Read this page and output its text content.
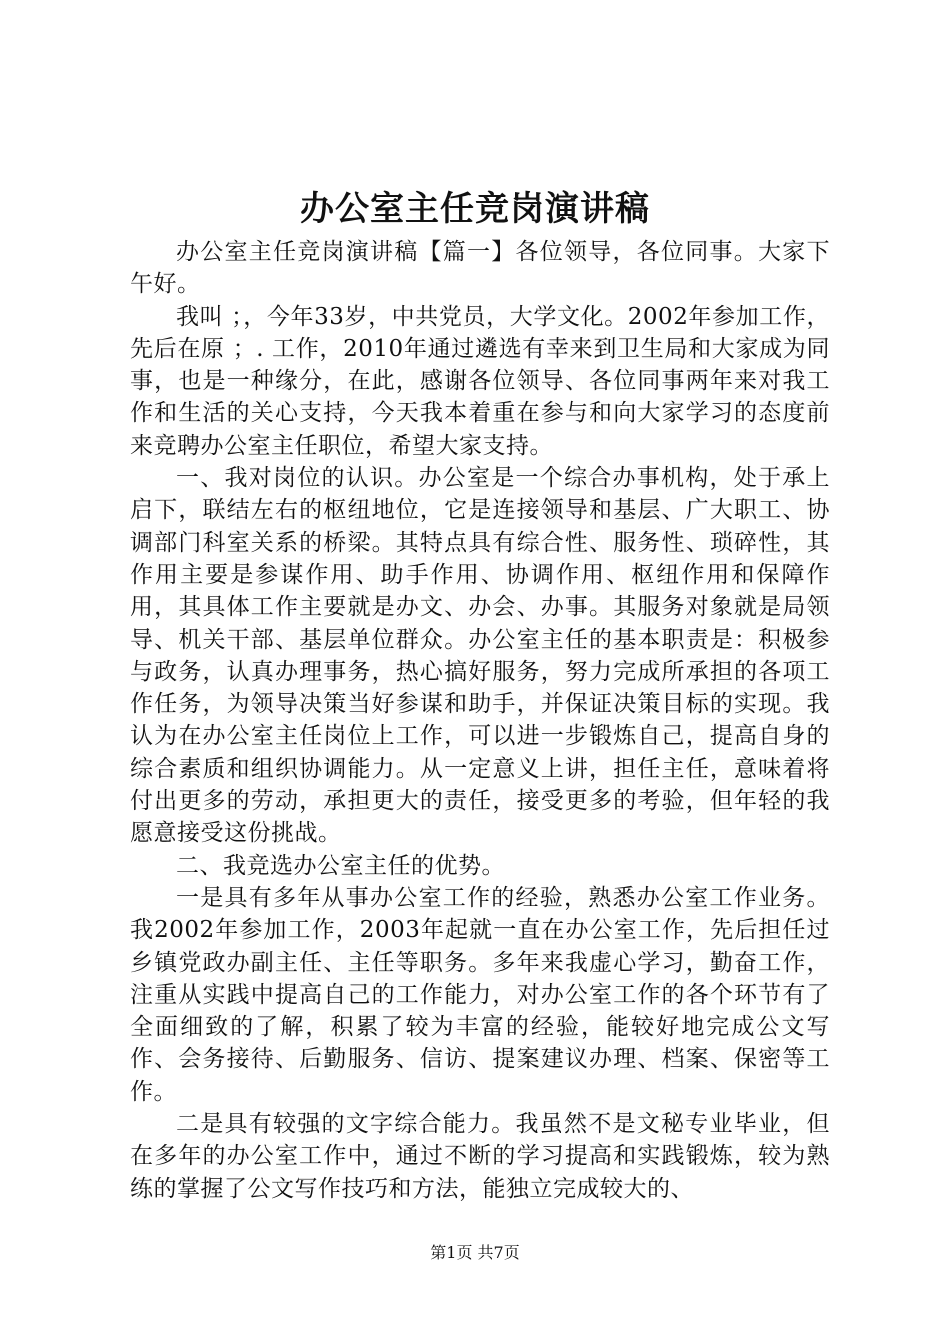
办公室主任竞岗演讲稿

办公室主任竞岗演讲稿【篇一】各位领导，各位同事。大家下午好。

我叫 ；，今年33岁，中共党员，大学文化。2002年参加工作，先后在原 ；. 工作，2010年通过遴选有幸来到卫生局和大家成为同事，也是一种缘分，在此，感谢各位领导、各位同事两年来对我工作和生活的关心支持，今天我本着重在参与和向大家学习的态度前来竞聘办公室主任职位，希望大家支持。

一、我对岗位的认识。办公室是一个综合办事机构，处于承上启下，联结左右的枢纽地位，它是连接领导和基层、广大职工、协调部门科室关系的桥梁。其特点具有综合性、服务性、琐碎性，其作用主要是参谋作用、助手作用、协调作用、枢纽作用和保障作用，其具体工作主要就是办文、办会、办事。其服务对象就是局领导、机关干部、基层单位群众。办公室主任的基本职责是：积极参与政务，认真办理事务，热心搞好服务，努力完成所承担的各项工作任务，为领导决策当好参谋和助手，并保证决策目标的实现。我认为在办公室主任岗位上工作，可以进一步锻炼自己，提高自身的综合素质和组织协调能力。从一定意义上讲，担任主任，意味着将付出更多的劳动，承担更大的责任，接受更多的考验，但年轻的我愿意接受这份挑战。

二、我竞选办公室主任的优势。

一是具有多年从事办公室工作的经验，熟悉办公室工作业务。我2002年参加工作，2003年起就一直在办公室工作，先后担任过乡镇党政办副主任、主任等职务。多年来我虚心学习，勤奋工作，注重从实践中提高自己的工作能力，对办公室工作的各个环节有了全面细致的了解，积累了较为丰富的经验，能较好地完成公文写作、会务接待、后勤服务、信访、提案建议办理、档案、保密等工作。

二是具有较强的文字综合能力。我虽然不是文秘专业毕业，但在多年的办公室工作中，通过不断的学习提高和实践锻炼，较为熟练的掌握了公文写作技巧和方法，能独立完成较大的、

第1页 共7页
